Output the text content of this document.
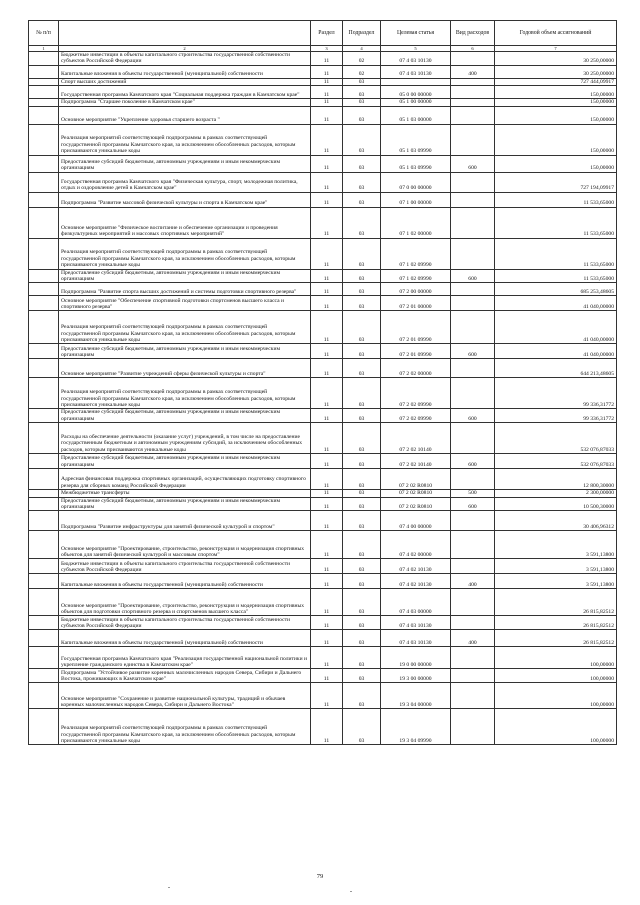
№ п/п		Раздел	Подраздел	Целевая статья	Вид расходов	Годовой объем ассигнований
1	2	3	4	5	6	7
	Бюджетные инвестиции в объекты капитального строительства государственной собственности субъектов Российской Федерации	11	02	07 4 03 10130		30 250,00000
	Капитальные вложения в объекты государственной (муниципальной) собственности	11	02	07 4 03 10130	400	30 250,00000
	Спорт высших достижений	11	03			727 444,09917
	Государственная программа Камчатского края "Социальная поддержка граждан в Камчатском крае"	11	03	05 0 00 00000		150,00000
	Подпрограмма "Старшее поколение в Камчатском крае"	11	03	05 1 00 00000		150,00000
	Основное мероприятие "Укрепление здоровья старшего возраста "	11	03	05 1 03 00000		150,00000
	Реализация мероприятий соответствующей подпрограммы в рамках соответствующей государственной программы Камчатского края, за исключением обособленных расходов, которым присваиваются уникальные коды	11	03	05 1 03 09990		150,00000
	Предоставление субсидий бюджетным, автономным учреждениям и иным некоммерческим организациям	11	03	05 1 03 09990	600	150,00000
	Государственная программа Камчатского края "Физическая культура, спорт, молодежная политика, отдых и оздоровление детей в Камчатском крае"	11	03	07 0 00 00000		727 194,09917
	Подпрограмма "Развитие массовой физической культуры и спорта в Камчатском крае"	11	03	07 1 00 00000		11 533,65000
	Основное мероприятие "Физическое воспитание и обеспечение организации и проведения физкультурных мероприятий и массовых спортивных мероприятий"	11	03	07 1 02 00000		11 533,65000
	Реализация мероприятий соответствующей подпрограммы в рамках соответствующей государственной программы Камчатского края, за исключением обособленных расходов, которым присваиваются уникальные коды	11	03	07 1 02 09990		11 533,65000
	Предоставление субсидий бюджетным, автономным учреждениям и иным некоммерческим организациям	11	03	07 1 02 09990	600	11 533,65000
	Подпрограмма "Развитие спорта высших достижений и системы подготовки спортивного резерва"	11	03	07 2 00 00000		685 253,48605
	Основное мероприятие "Обеспечение спортивной подготовки спортсменов высшего класса и спортивного резерва"	11	03	07 2 01 00000		41 040,00000
	Реализация мероприятий соответствующей подпрограммы в рамках соответствующей государственной программы Камчатского края, за исключением обособленных расходов, которым присваиваются уникальные коды	11	03	07 2 01 09990		41 040,00000
	Предоставление субсидий бюджетным, автономным учреждениям и иным некоммерческим организациям	11	03	07 2 01 09990	600	41 040,00000
	Основное мероприятие "Развитие учреждений сферы физической культуры и спорта"	11	03	07 2 02 00000		644 213,48605
	Реализация мероприятий соответствующей подпрограммы в рамках соответствующей государственной программы Камчатского края, за исключением обособленных расходов, которым присваиваются уникальные коды	11	03	07 2 02 09990		99 336,31772
	Предоставление субсидий бюджетным, автономным учреждениям и иным некоммерческим организациям	11	03	07 2 02 09990	600	99 336,31772
	Расходы на обеспечение деятельности (оказание услуг) учреждений, в том числе на предоставление государственным бюджетным и автономным учреждениям субсидий, за исключением обособленных расходов, которым присваиваются уникальные коды	11	03	07 2 02 10140		532 076,87033
	Предоставление субсидий бюджетным, автономным учреждениям и иным некоммерческим организациям	11	03	07 2 02 10140	600	532 076,87033
	Адресная финансовая поддержка спортивных организаций, осуществляющих подготовку спортивного резерва для сборных команд Российской Федерации	11	03	07 2 02 R0810		12 800,30000
	Межбюджетные трансферты	11	03	07 2 02 R0810	500	2 300,00000
	Предоставление субсидий бюджетным, автономным учреждениям и иным некоммерческим организациям	11	03	07 2 02 R0810	600	10 500,30000
	Подпрограмма "Развитие инфраструктуры для занятий физической культурой и спортом"	11	03	07 4 00 00000		30 406,96312
	Основное мероприятие "Проектирование, строительство, реконструкция и модернизация спортивных объектов для занятий физической культурой и массовым спортом"	11	03	07 4 02 00000		3 591,13800
	Бюджетные инвестиции в объекты капитального строительства государственной собственности субъектов Российской Федерации	11	03	07 4 02 10130		3 591,13800
	Капитальные вложения в объекты государственной (муниципальной) собственности	11	03	07 4 02 10130	400	3 591,13800
	Основное мероприятие "Проектирование, строительство, реконструкция и модернизация спортивных объектов для подготовки спортивного резерва и спортсменов высшего класса"	11	03	07 4 03 00000		26 815,82512
	Бюджетные инвестиции в объекты капитального строительства государственной собственности субъектов Российской Федерации	11	03	07 4 03 10130		26 815,82512
	Капитальные вложения в объекты государственной (муниципальной) собственности	11	03	07 4 03 10130	400	26 815,82512
	Государственная программа Камчатского края "Реализация государственной национальной политики и укрепление гражданского единства в Камчатском крае"	11	03	19 0 00 00000		100,00000
	Подпрограмма "Устойчивое развитие коренных малочисленных народов Севера, Сибири и Дальнего Востока, проживающих в Камчатском крае"	11	03	19 3 00 00000		100,00000
	Основное мероприятие "Сохранение и развитие национальной культуры, традиций и обычаев коренных малочисленных народов Севера, Сибири и Дальнего Востока"	11	03	19 3 04 00000		100,00000
	Реализация мероприятий соответствующей подпрограммы в рамках соответствующей государственной программы Камчатского края, за исключением обособленных расходов, которым присваиваются уникальные коды	11	03	19 3 04 09990		100,00000
79
